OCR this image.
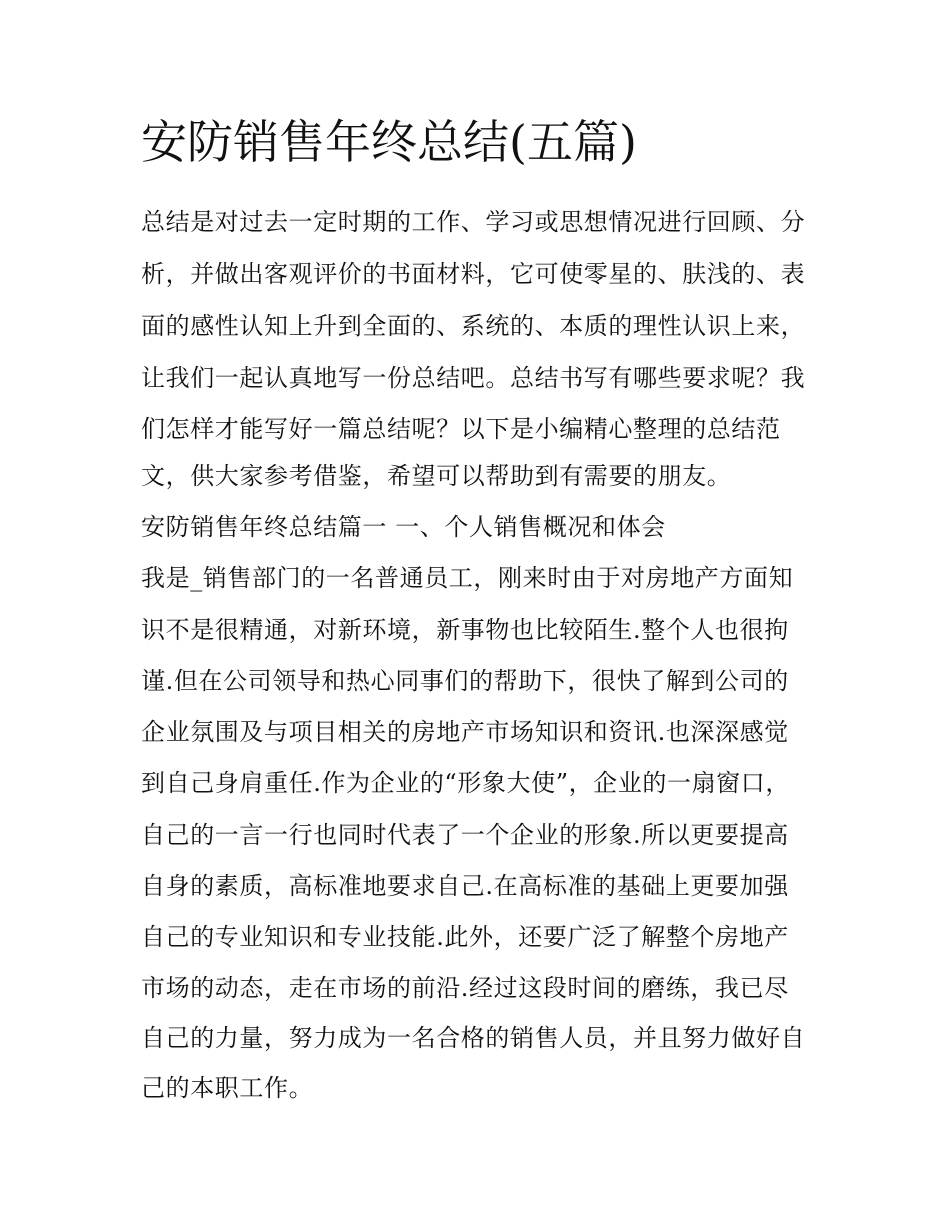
安防销售年终总结(五篇)
总结是对过去一定时期的工作、学习或思想情况进行回顾、分
析，并做出客观评价的书面材料，它可使零星的、肤浅的、表
面的感性认知上升到全面的、系统的、本质的理性认识上来，
让我们一起认真地写一份总结吧。总结书写有哪些要求呢？我
们怎样才能写好一篇总结呢？以下是小编精心整理的总结范
文，供大家参考借鉴，希望可以帮助到有需要的朋友。
安防销售年终总结篇一 一、个人销售概况和体会
我是_销售部门的一名普通员工，刚来时由于对房地产方面知
识不是很精通，对新环境，新事物也比较陌生.整个人也很拘
谨.但在公司领导和热心同事们的帮助下，很快了解到公司的
企业氛围及与项目相关的房地产市场知识和资讯.也深深感觉
到自己身肩重任.作为企业的“形象大使”，企业的一扇窗口，
自己的一言一行也同时代表了一个企业的形象.所以更要提高
自身的素质，高标准地要求自己.在高标准的基础上更要加强
自己的专业知识和专业技能.此外，还要广泛了解整个房地产
市场的动态，走在市场的前沿.经过这段时间的磨练，我已尽
自己的力量，努力成为一名合格的销售人员，并且努力做好自
己的本职工作。
